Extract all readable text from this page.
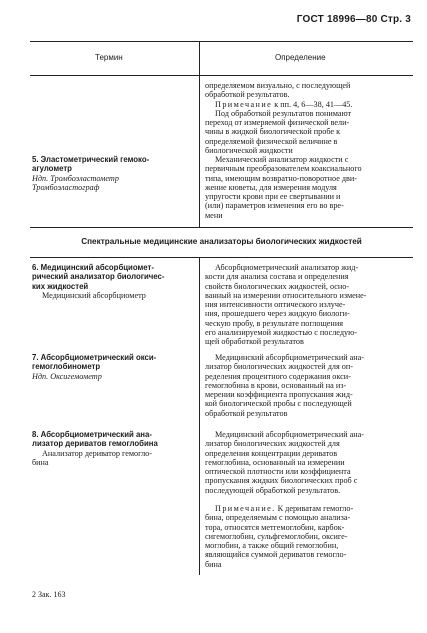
ГОСТ 18996—80 Стр. 3
Термин	Определение

определяемом визуально, с последующей

обработкой результатов.

Примечание к пп. 4, 6—38, 41—45.

Под обработкой результатов понимают

переход от измеряемой физической вели-

чины в жидкой биологической пробе к

определяемой физической величине в

биологической жидкости

5. Эластометрический гемоко-

агулометр

Ндп. Тромбоэластометр

Тромбоэластограф

Механический анализатор жидкости с

первичным преобразователем коаксиального

типа, имеющим возвратно-поворотное дви-

жение кюветы, для измерения модуля

упругости крови при ее свертывании и

(или) параметров изменения его во вре-

мени

Спектральные медицинские анализаторы биологических жидкостей

6. Медицинский абсорбциомет-

рический анализатор биологичес-

ких жидкостей

Медицинский абсорбциометр

Абсорбциометрический анализатор жид-

кости для анализа состава и определения

свойств биологических жидкостей, осно-

ванный на измерении относительного измене-

ния интенсивности оптического излуче-

ния, прошедшего через жидкую биологи-

ческую пробу, в результате поглощения

его анализируемой жидкостью с последую-

щей обработкой результатов

7. Абсорбциометрический окси-

гемоглобинометр

Ндп. Оксигемометр

Медицинский абсорбциометрический ана-

лизатор биологических жидкостей для оп-

ределения процентного содержания окси-

гемоглобина в крови, основанный на из-

мерении коэффициента пропускания жид-

кой биологической пробы с последующей

обработкой результатов

8. Абсорбциометрический ана-

лизатор дериватов гемоглобина

Анализатор дериватор гемогло-

бина

Медицинский абсорбциометрический ана-

лизатор биологических жидкостей для

определения концентрации дериватов

гемоглобина, основанный на измерении

оптической плотности или коэффициента

пропускания жидких биологических проб с

последующей обработкой результатов.

Примечание. К дериватам гемогло-

бина, определяемым с помощью анализа-

тора, относятся метгемоглобин, карбок-

сигемоглобин, сульфгемоглобин, оксиге-

моглобин, а также общий гемоглобин,

являющийся суммой дериватов гемогло-

бина

2 Зак. 163
